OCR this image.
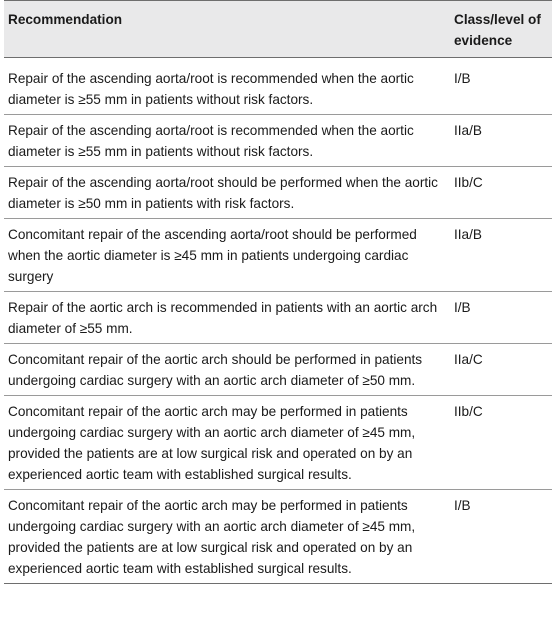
Recommendation	Class/level of evidence
Repair of the ascending aorta/root is recommended when the aortic diameter is ≥55 mm in patients without risk factors.	I/B
Repair of the ascending aorta/root is recommended when the aortic diameter is ≥55 mm in patients without risk factors.	IIa/B
Repair of the ascending aorta/root should be performed when the aortic diameter is ≥50 mm in patients with risk factors.	IIb/C
Concomitant repair of the ascending aorta/root should be performed when the aortic diameter is ≥45 mm in patients undergoing cardiac surgery	IIa/B
Repair of the aortic arch is recommended in patients with an aortic arch diameter of ≥55 mm.	I/B
Concomitant repair of the aortic arch should be performed in patients undergoing cardiac surgery with an aortic arch diameter of ≥50 mm.	IIa/C
Concomitant repair of the aortic arch may be performed in patients undergoing cardiac surgery with an aortic arch diameter of ≥45 mm, provided the patients are at low surgical risk and operated on by an experienced aortic team with established surgical results.	IIb/C
Concomitant repair of the aortic arch may be performed in patients undergoing cardiac surgery with an aortic arch diameter of ≥45 mm, provided the patients are at low surgical risk and operated on by an experienced aortic team with established surgical results.	I/B
